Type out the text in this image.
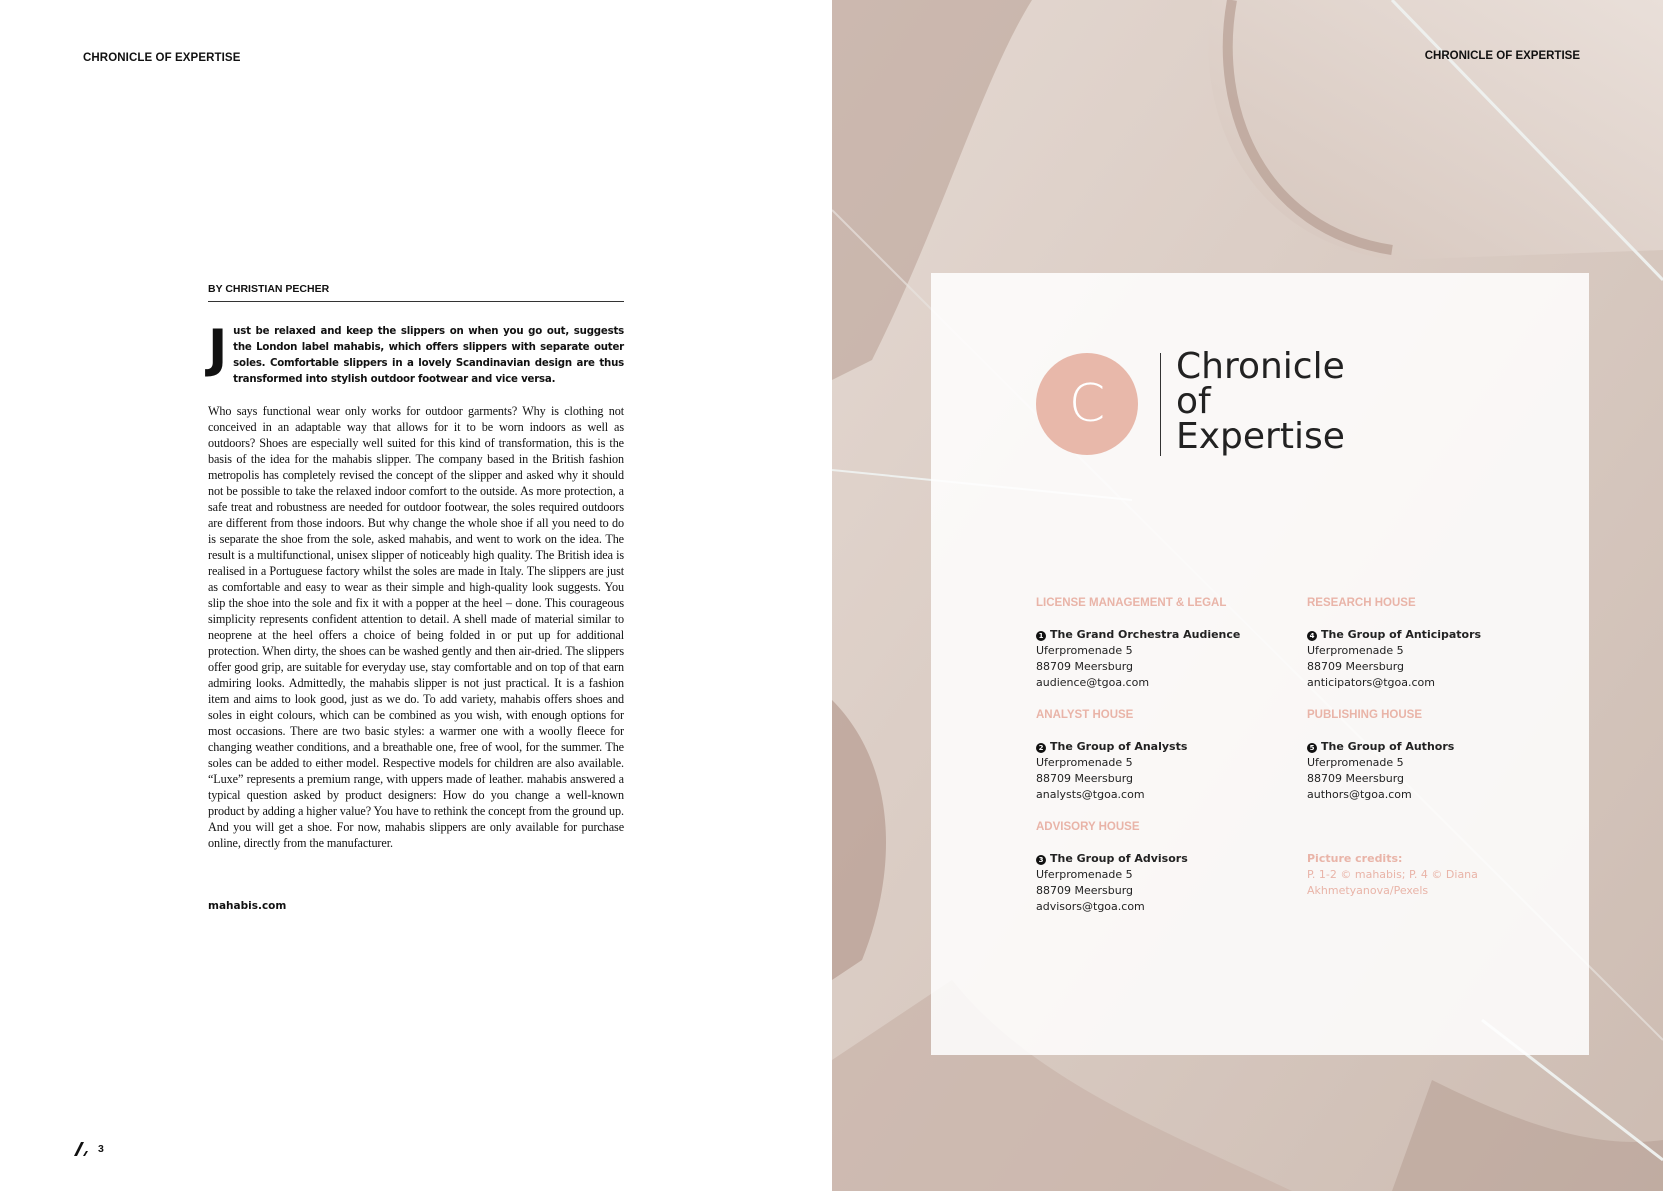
CHRONICLE OF EXPERTISE
BY CHRISTIAN PECHER
J ust be relaxed and keep the slippers on when you go out, suggests the London label mahabis, which offers slippers with separate outer soles. Comfortable slippers in a lovely Scandinavian design are thus transformed into stylish outdoor footwear and vice versa.
Who says functional wear only works for outdoor garments? Why is clothing not conceived in an adaptable way that allows for it to be worn indoors as well as outdoors? Shoes are especially well suited for this kind of transformation, this is the basis of the idea for the mahabis slipper. The company based in the British fashion metropolis has completely revised the concept of the slipper and asked why it should not be possible to take the relaxed indoor comfort to the outside. As more protection, a safe treat and robustness are needed for outdoor footwear, the soles required outdoors are different from those indoors. But why change the whole shoe if all you need to do is separate the shoe from the sole, asked mahabis, and went to work on the idea. The result is a multifunctional, unisex slipper of noticeably high quality. The British idea is realised in a Portuguese factory whilst the soles are made in Italy. The slippers are just as comfortable and easy to wear as their simple and high-quality look suggests. You slip the shoe into the sole and fix it with a popper at the heel – done. This courageous simplicity represents confident attention to detail. A shell made of material similar to neoprene at the heel offers a choice of being folded in or put up for additional protection. When dirty, the shoes can be washed gently and then air-dried. The slippers offer good grip, are suitable for everyday use, stay comfortable and on top of that earn admiring looks. Admittedly, the mahabis slipper is not just practical. It is a fashion item and aims to look good, just as we do. To add variety, mahabis offers shoes and soles in eight colours, which can be combined as you wish, with enough options for most occasions. There are two basic styles: a warmer one with a woolly fleece for changing weather conditions, and a breathable one, free of wool, for the summer. The soles can be added to either model. Respective models for children are also available. “Luxe” represents a premium range, with uppers made of leather. mahabis answered a typical question asked by product designers: How do you change a well-known product by adding a higher value? You have to rethink the concept from the ground up. And you will get a shoe. For now, mahabis slippers are only available for purchase online, directly from the manufacturer.
mahabis.com
3
CHRONICLE OF EXPERTISE
C
Chronicle
of
Expertise
LICENSE MANAGEMENT & LEGAL
1 The Grand Orchestra Audience
Uferpromenade 5
88709 Meersburg
audience@tgoa.com
ANALYST HOUSE
2 The Group of Analysts
Uferpromenade 5
88709 Meersburg
analysts@tgoa.com
ADVISORY HOUSE
3 The Group of Advisors
Uferpromenade 5
88709 Meersburg
advisors@tgoa.com
RESEARCH HOUSE
4 The Group of Anticipators
Uferpromenade 5
88709 Meersburg
anticipators@tgoa.com
PUBLISHING HOUSE
5 The Group of Authors
Uferpromenade 5
88709 Meersburg
authors@tgoa.com
Picture credits:
P. 1-2 © mahabis; P. 4 © Diana Akhmetyanova/Pexels
